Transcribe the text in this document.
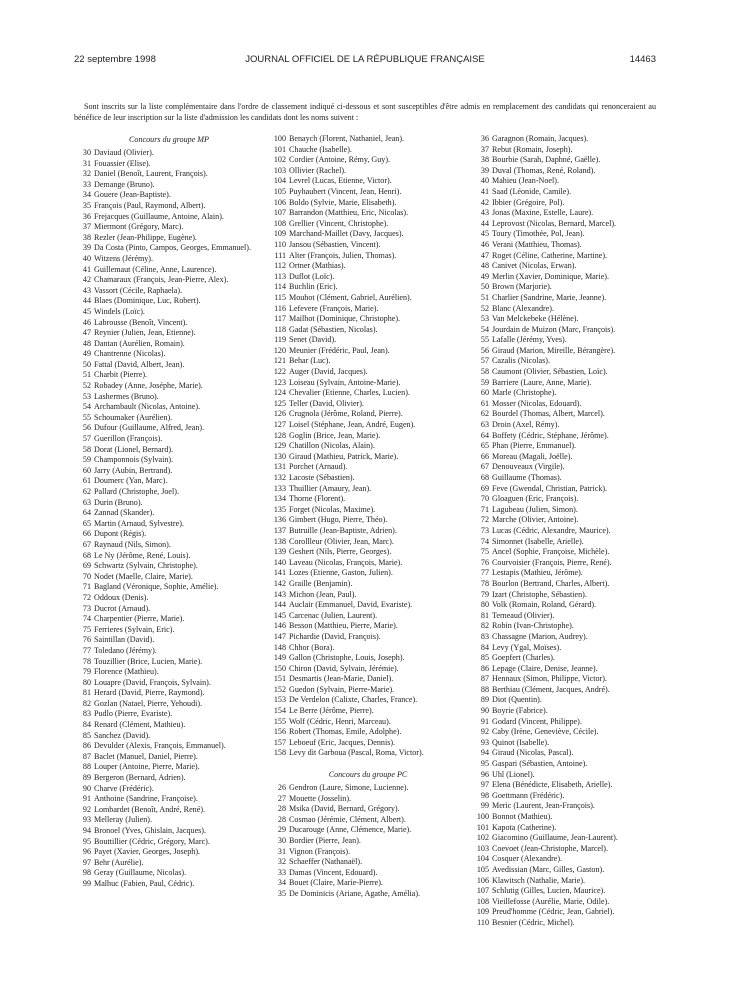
22 septembre 1998	JOURNAL OFFICIEL DE LA RÉPUBLIQUE FRANÇAISE	14463

Sont inscrits sur la liste complémentaire dans l'ordre de classement indiqué ci-dessous et sont susceptibles d'être admis en remplacement des candidats qui renonceraient au bénéfice de leur inscription sur la liste d'admission les candidats dont les noms suivent :

Concours du groupe MP
30 Daviaud (Olivier).
31 Fouassier (Elise).
32 Daniel (Benoît, Laurent, François).
33 Demange (Bruno).
34 Gouere (Jean-Baptiste).
35 François (Paul, Raymond, Albert).
36 Frejacques (Guillaume, Antoine, Alain).
37 Miermont (Grégory, Marc).
38 Rezler (Jean-Philippe, Eugène).
39 Da Costa (Pinto, Campos, Georges, Emmanuel).
40 Witzens (Jérémy).
41 Guillemaut (Céline, Anne, Laurence).
42 Chamaraux (François, Jean-Pierre, Alex).
43 Vassort (Cécile, Raphaela).
44 Blaes (Dominique, Luc, Robert).
45 Windels (Loïc).
46 Labrousse (Benoît, Vincent).
47 Reynier (Julien, Jean, Etienne).
48 Dantan (Aurélien, Romain).
49 Chantrenne (Nicolas).
50 Fattal (David, Albert, Jean).
51 Charbit (Pierre).
52 Robadey (Anne, Joséphe, Marie).
53 Lashermes (Bruno).
54 Archambault (Nicolas, Antoine).
55 Schoumaker (Aurélien).
56 Dufour (Guillaume, Alfred, Jean).
57 Guerillon (François).
58 Dorat (Lionel, Bernard).
59 Champonnois (Sylvain).
60 Jarry (Aubin, Bertrand).
61 Doumerc (Yan, Marc).
62 Pallard (Christophe, Joel).
63 Durin (Bruno).
64 Zannad (Skander).
65 Martin (Arnaud, Sylvestre).
66 Dupont (Régis).
67 Raynaud (Nils, Simon).
68 Le Ny (Jérôme, René, Louis).
69 Schwartz (Sylvain, Christophe).
70 Nodet (Maelle, Claire, Marie).
71 Bagland (Véronique, Sophie, Amélie).
72 Oddoux (Denis).
73 Ducrot (Arnaud).
74 Charpentier (Pierre, Marie).
75 Ferrieres (Sylvain, Eric).
76 Saintillan (David).
77 Toledano (Jérémy).
78 Touzillier (Brice, Lucien, Marie).
79 Florence (Mathieu).
80 Louapre (David, François, Sylvain).
81 Herard (David, Pierre, Raymond).
82 Gozlan (Natael, Pierre, Yehoudi).
83 Pudlo (Pierre, Evariste).
84 Renard (Clément, Mathieu).
85 Sanchez (David).
86 Devulder (Alexis, François, Emmanuel).
87 Baclet (Manuel, Daniel, Pierre).
88 Louper (Antoine, Pierre, Marie).
89 Bergeron (Bernard, Adrien).
90 Charve (Frédéric).
91 Anthoine (Sandrine, Françoise).
92 Lombardet (Benoît, André, René).
93 Melleray (Julien).
94 Bronoel (Yves, Ghislain, Jacques).
95 Bouttillier (Cédric, Grégory, Marc).
96 Payet (Xavier, Georges, Joseph).
97 Behr (Aurélie).
98 Geray (Guillaume, Nicolas).
99 Malhuc (Fabien, Paul, Cédric).
100 Benaych (Florent, Nathaniel, Jean).
101 Chauche (Isabelle).
102 Cordier (Antoine, Rémy, Guy).
103 Ollivier (Rachel).
104 Levrel (Lucas, Etienne, Victor).
105 Puyhaubert (Vincent, Jean, Henri).
106 Boldo (Sylvie, Marie, Elisabeth).
107 Barrandon (Matthieu, Eric, Nicolas).
108 Grellier (Vincent, Christophe).
109 Marchand-Maillet (Davy, Jacques).
110 Jansou (Sébastien, Vincent).
111 Alter (François, Julien, Thomas).
112 Ortner (Mathias).
113 Duflot (Loïc).
114 Buchlin (Eric).
115 Mouhot (Clément, Gabriel, Aurélien).
116 Lefevere (François, Marie).
117 Mailhot (Dominique, Christophe).
118 Gadat (Sébastien, Nicolas).
119 Senet (David).
120 Meunier (Frédéric, Paul, Jean).
121 Behar (Luc).
122 Auger (David, Jacques).
123 Loiseau (Sylvain, Antoine-Marie).
124 Chevalier (Etienne, Charles, Lucien).
125 Teller (David, Olivier).
126 Crugnola (Jérôme, Roland, Pierre).
127 Loisel (Stéphane, Jean, André, Eugen).
128 Goglin (Brice, Jean, Marie).
129 Chatillon (Nicolas, Alain).
130 Giraud (Mathieu, Patrick, Marie).
131 Porchet (Arnaud).
132 Lacoste (Sébastien).
133 Thuillier (Amaury, Jean).
134 Thorne (Florent).
135 Forget (Nicolas, Maxime).
136 Gimbert (Hugo, Pierre, Théo).
137 Butruille (Jean-Baptiste, Adrien).
138 Corollleur (Olivier, Jean, Marc).
139 Geshert (Nils, Pierre, Georges).
140 Laveau (Nicolas, François, Marie).
141 Lozes (Etienne, Gaston, Julien).
142 Graille (Benjamin).
143 Michon (Jean, Paul).
144 Auclair (Emmanuel, David, Evariste).
145 Carcenac (Julien, Laurent).
146 Besson (Matthieu, Pierre, Marie).
147 Pichardie (David, François).
148 Chhor (Bora).
149 Gallon (Christophe, Louis, Joseph).
150 Chiron (David, Sylvain, Jérémie).
151 Desmartis (Jean-Marie, Daniel).
152 Guedon (Sylvain, Pierre-Marie).
153 De Verdelon (Calixte, Charles, France).
154 Le Berre (Jérôme, Pierre).
155 Wolf (Cédric, Henri, Marceau).
156 Robert (Thomas, Emile, Adolphe).
157 Leboeuf (Eric, Jacques, Dennis).
158 Levy dit Garboua (Pascal, Roma, Victor).
Concours du groupe PC
26 Gendron (Laure, Simone, Lucienne).
27 Mouette (Josselin).
28 Msika (David, Bernard, Grégory).
28 Cosmao (Jérémie, Clément, Albert).
29 Ducarouge (Anne, Clémence, Marie).
30 Bordier (Pierre, Jean).
31 Vignon (François).
32 Schaeffer (Nathanaël).
33 Damas (Vincent, Edouard).
34 Bouet (Claire, Marie-Pierre).
35 De Dominicis (Ariane, Agathe, Amélia).
36 Garagnon (Romain, Jacques).
37 Rebut (Romain, Joseph).
38 Bourbie (Sarah, Daphné, Gaëlle).
39 Duval (Thomas, René, Roland).
40 Mahieu (Jean-Noel).
41 Saad (Léonide, Camile).
42 Ibbier (Grégoire, Pol).
43 Jonas (Maxine, Estelle, Laure).
44 Leprovost (Nicolas, Bernard, Marcel).
45 Toury (Timothée, Pol, Jean).
46 Verani (Matthieu, Thomas).
47 Roget (Céline, Catherine, Martine).
48 Canivet (Nicolas, Erwan).
49 Merlin (Xavier, Dominique, Marie).
50 Brown (Marjorie).
51 Charlier (Sandrine, Marie, Jeanne).
52 Blanc (Alexandre).
53 Van Melckebeke (Hélène).
54 Jourdain de Muizon (Marc, François).
55 Lafalle (Jérémy, Yves).
56 Giraud (Marion, Mireille, Bérangère).
57 Cazalis (Nicolas).
58 Caumont (Olivier, Sébastien, Loïc).
59 Barriere (Laure, Anne, Marie).
60 Marle (Christophe).
61 Mosser (Nicolas, Edouard).
62 Bourdel (Thomas, Albert, Marcel).
63 Droin (Axel, Rémy).
64 Boffety (Cédric, Stéphane, Jérôme).
65 Phan (Pierre, Emmanuel).
66 Moreau (Magali, Joëlle).
67 Denouveaux (Virgile).
68 Guillaume (Thomas).
69 Feve (Gwendal, Christian, Patrick).
70 Gloaguen (Eric, François).
71 Lagubeau (Julien, Simon).
72 Marche (Olivier, Antoine).
73 Lucas (Cédric, Alexandre, Maurice).
74 Simonnet (Isabelle, Arielle).
75 Ancel (Sophie, Françoise, Michèle).
76 Courvoisier (François, Pierre, René).
77 Lestapis (Mathieu, Jérôme).
78 Bourlon (Bertrand, Charles, Albert).
79 Izart (Christophe, Sébastien).
80 Volk (Romain, Roland, Gérard).
81 Terneaud (Olivier).
82 Robin (Ivan-Christophe).
83 Chassagne (Marion, Audrey).
84 Levy (Ygal, Moïses).
85 Goepfert (Charles).
86 Lepage (Claire, Denise, Jeanne).
87 Hennaux (Simon, Philippe, Victor).
88 Berthiau (Clément, Jacques, André).
89 Diot (Quentin).
90 Boyrie (Fabrice).
91 Godard (Vincent, Philippe).
92 Caby (Irène, Geneviève, Cécile).
93 Quinot (Isabelle).
94 Giraud (Nicolas, Pascal).
95 Gaspari (Sébastien, Antoine).
96 Uhl (Lionel).
97 Elena (Bénédicte, Elisabeth, Arielle).
98 Goettmann (Frédéric).
99 Meric (Laurent, Jean-François).
100 Bonnot (Mathieu).
101 Kapota (Catherine).
102 Giacomino (Guillaume, Jean-Laurent).
103 Coevoet (Jean-Christophe, Marcel).
104 Cosquer (Alexandre).
105 Avedissian (Marc, Gilles, Gaston).
106 Klawitsch (Nathalie, Marie).
107 Schlutig (Gilles, Lucien, Maurice).
108 Vieillefosse (Aurélie, Marie, Odile).
109 Preud'homme (Cédric, Jean, Gabriel).
110 Besnier (Cédric, Michel).
